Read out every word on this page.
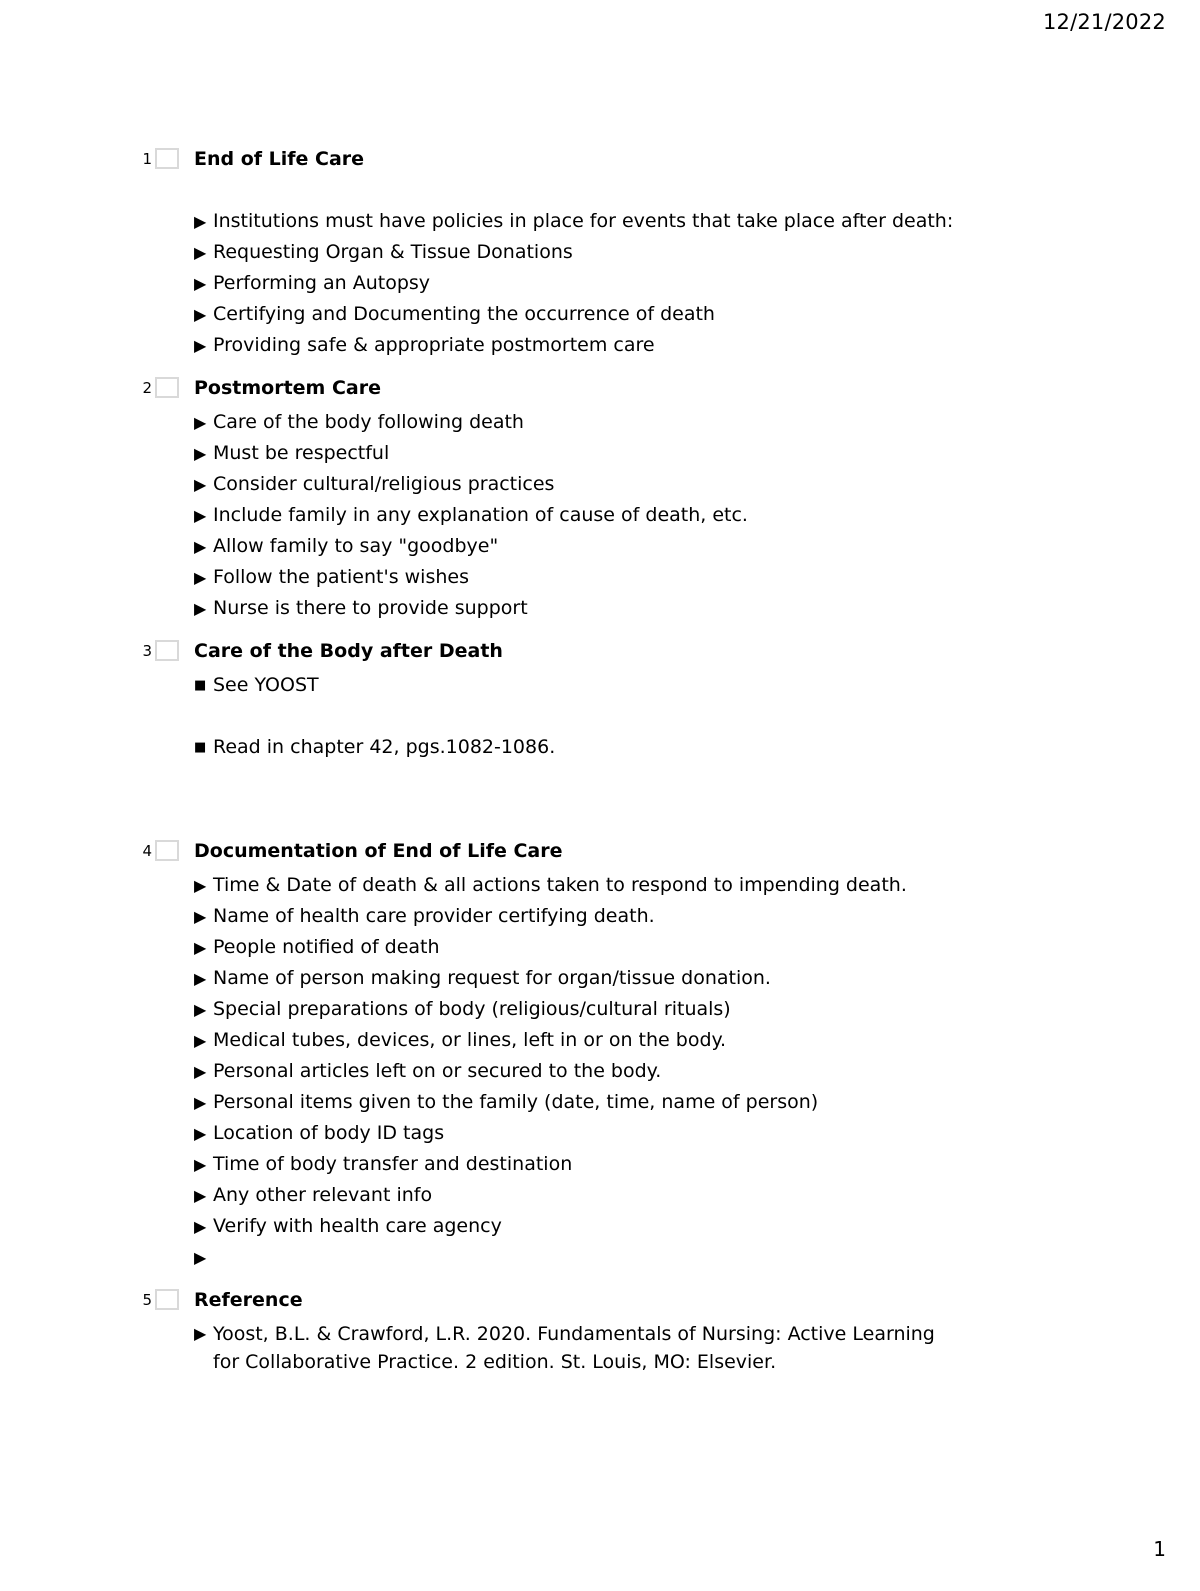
12/21/2022
1 End of Life Care
▶ Institutions must have policies in place for events that take place after death:
▶ Requesting Organ & Tissue Donations
▶ Performing an Autopsy
▶ Certifying and Documenting the occurrence of death
▶ Providing safe & appropriate postmortem care
2 Postmortem Care
▶ Care of the body following death
▶ Must be respectful
▶ Consider cultural/religious practices
▶ Include family in any explanation of cause of death, etc.
▶ Allow family to say "goodbye"
▶ Follow the patient's wishes
▶ Nurse is there to provide support
3 Care of the Body after Death
■ See YOOST
■ Read in chapter 42, pgs.1082-1086.
4 Documentation of End of Life Care
▶ Time & Date of death & all actions taken to respond to impending death.
▶ Name of health care provider certifying death.
▶ People notified of death
▶ Name of person making request for organ/tissue donation.
▶ Special preparations of body (religious/cultural rituals)
▶ Medical tubes, devices, or lines, left in or on the body.
▶ Personal articles left on or secured to the body.
▶ Personal items given to the family (date, time, name of person)
▶ Location of body ID tags
▶ Time of body transfer and destination
▶ Any other relevant info
▶ Verify with health care agency
▶
5 Reference
▶ Yoost, B.L. & Crawford, L.R. 2020. Fundamentals of Nursing: Active Learning for Collaborative Practice. 2 edition. St. Louis, MO: Elsevier.
1
